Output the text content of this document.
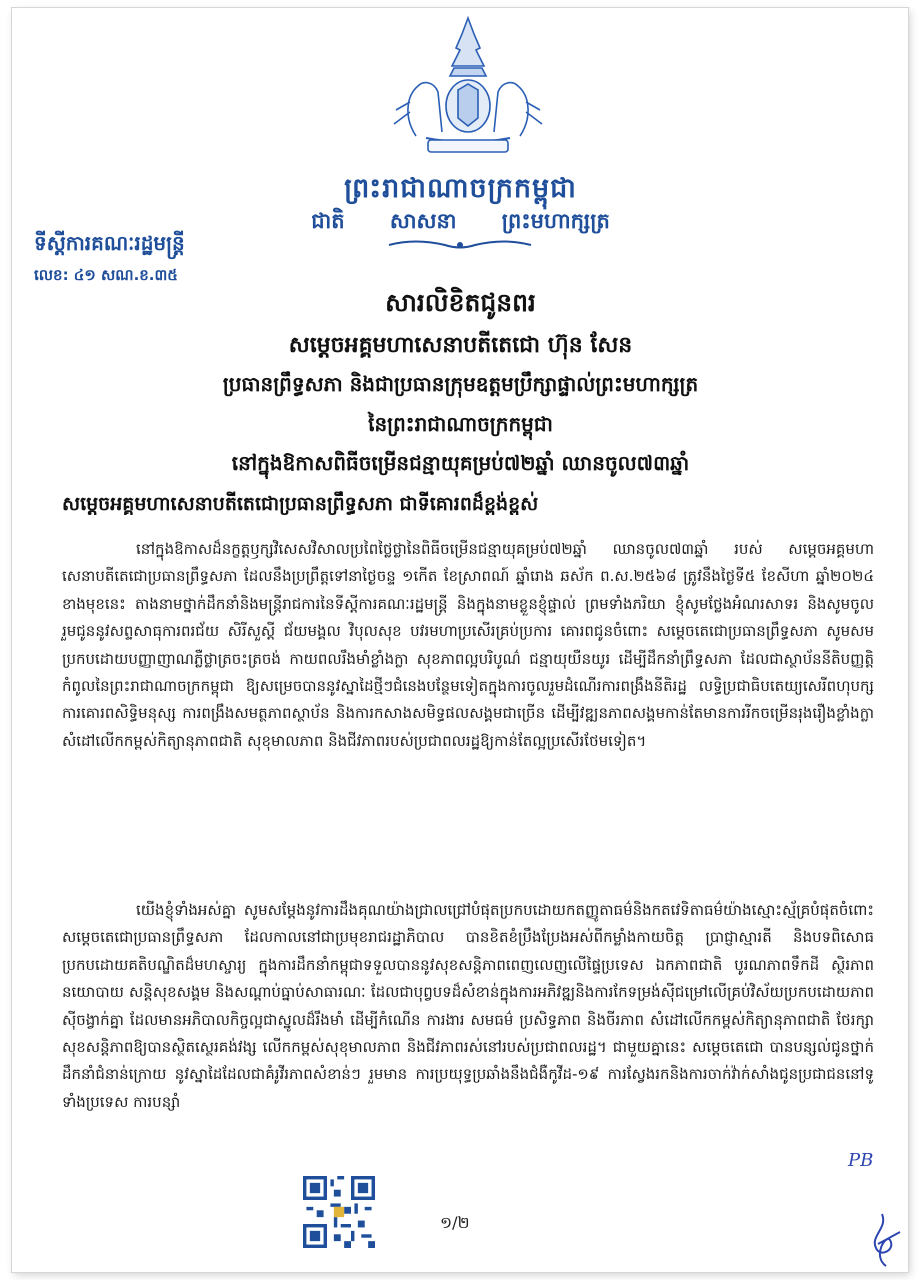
ព្រះរាជាណាចក្រកម្ពុជា
ជាតិ សាសនា ព្រះមហាក្សត្រ
ទីស្តីការគណៈរដ្ឋមន្ត្រី
លេខ: ៤១ សណ.ខ.៣៥
សារលិខិតជូនពរ
សម្តេចអគ្គមហាសេនាបតីតេជោ ហ៊ុន សែន
ប្រធានព្រឹទ្ធសភា និងជាប្រធានក្រុមឧត្តមប្រឹក្សាផ្ទាល់ព្រះមហាក្សត្រ
នៃព្រះរាជាណាចក្រកម្ពុជា
នៅក្នុងឱកាសពិធីចម្រើនជន្មាយុគម្រប់៧២ឆ្នាំ ឈានចូល៧៣ឆ្នាំ
សម្តេចអគ្គមហាសេនាបតីតេជោប្រធានព្រឹទ្ធសភា ជាទីគោរពដ៏ខ្ពង់ខ្ពស់
នៅក្នុងឱកាសដ៏នក្ខត្តឫក្សវិសេសវិសាលប្រពៃថ្លៃថ្លានៃពិធីចម្រើនជន្មាយុគម្រប់៧២ឆ្នាំ ឈានចូល៧៣ឆ្នាំ របស់ សម្តេចអគ្គមហាសេនាបតីតេជោប្រធានព្រឹទ្ធសភា ដែលនឹងប្រព្រឹត្តទៅនាថ្ងៃចន្ទ ១កើត ខែស្រាពណ៍ ឆ្នាំរោង ឆស័ក ព.ស.២៥៦៨ ត្រូវនឹងថ្ងៃទី៥ ខែសីហា ឆ្នាំ២០២៤ ខាងមុខនេះ តាងនាមថ្នាក់ដឹកនាំនិងមន្ត្រីរាជការនៃទីស្តីការគណៈរដ្ឋមន្ត្រី និងក្នុងនាមខ្លួនខ្ញុំផ្ទាល់ ព្រមទាំងភរិយា ខ្ញុំសូមថ្លែងអំណរសាទរ និងសូមចូលរួមជូននូវសព្ទសាធុការពរជ័យ សិរីសួស្តី ជ័យមង្គល វិបុលសុខ បវរមហាប្រសើរគ្រប់ប្រការ គោរពជូនចំពោះ សម្តេចតេជោប្រធានព្រឹទ្ធសភា សូមសមប្រកបដោយបញ្ញាញាណភ្លឺថ្លាត្រចះត្រចង់ កាយពលរឹងមាំខ្លាំងក្លា សុខភាពល្អបរិបូណ៌ ជន្មាយុយឺនយូរ ដើម្បីដឹកនាំព្រឹទ្ធសភា ដែលជាស្ថាប័ននីតិបញ្ញត្តិកំពូលនៃព្រះរាជាណាចក្រកម្ពុជា ឱ្យសម្រេចបាននូវស្នាដៃថ្មីៗជំនេងបន្ថែមទៀតក្នុងការចូលរួមដំណើរការពង្រឹងនីតិរដ្ឋ លទ្ធិប្រជាធិបតេយ្យសេរីពហុបក្ស ការគោរពសិទ្ធិមនុស្ស ការពង្រឹងសមត្ថភាពស្ថាប័ន និងការកសាងសមិទ្ធផលសង្គមជាច្រើន ដើម្បីវឌ្ឍនភាពសង្គមកាន់តែមានការរីកចម្រើនរុងរឿងខ្លាំងក្លា សំដៅលើកកម្ពស់កិត្យានុភាពជាតិ សុខុមាលភាព និងជីវភាពរបស់ប្រជាពលរដ្ឋឱ្យកាន់តែល្អប្រសើរថែមទៀត។
យើងខ្ញុំទាំងអស់គ្នា សូមសម្តែងនូវការដឹងគុណយ៉ាងជ្រាលជ្រៅបំផុតប្រកបដោយកតញ្ញូតាធម៌និងកតវេទិតាធម៌យ៉ាងស្មោះស្ម័គ្របំផុតចំពោះ សម្តេចតេជោប្រធានព្រឹទ្ធសភា ដែលកាលនៅជាប្រមុខរាជរដ្ឋាភិបាល បានខិតខំប្រឹងប្រែងអស់ពីកម្លាំងកាយចិត្ត ប្រាជ្ញាស្មារតី និងបទពិសោធប្រកបដោយគតិបណ្ឌិតដ៏មហស្ចារ្យ ក្នុងការដឹកនាំកម្ពុជាទទួលបាននូវសុខសន្តិភាពពេញលេញលើផ្ទៃប្រទេស ឯកភាពជាតិ បូរណភាពទឹកដី ស្ថិរភាពនយោបាយ សន្តិសុខសង្គម និងសណ្តាប់ធ្នាប់សាធារណៈ ដែលជាបុព្វបទដ៏សំខាន់ក្នុងការអភិវឌ្ឍនិងការកែទម្រង់ស៊ីជម្រៅលើគ្រប់វិស័យប្រកបដោយភាពស៊ីចង្វាក់គ្នា ដែលមានអភិបាលកិច្ចល្អជាស្នូលដ៏រឹងមាំ ដើម្បីកំណើន ការងារ សមធម៌ ប្រសិទ្ធភាព និងចីរភាព សំដៅលើកកម្ពស់កិត្យានុភាពជាតិ ថែរក្សាសុខសន្តិភាពឱ្យបានស្ថិតស្ថេរគង់វង្ស លើកកម្ពស់សុខុមាលភាព និងជីវភាពរស់នៅរបស់ប្រជាពលរដ្ឋ។ ជាមួយគ្នានេះ សម្តេចតេជោ បានបន្សល់ជូនថ្នាក់ដឹកនាំជំនាន់ក្រោយ នូវស្នាដៃដែលជាគំរូវីរភាពសំខាន់ៗ រួមមាន ការប្រយុទ្ធប្រឆាំងនឹងជំងឺកូវីដ-១៩ ការស្វែងរកនិងការចាក់វ៉ាក់សាំងជូនប្រជាជននៅទូទាំងប្រទេស ការបន្សាំ
PB
១/២
